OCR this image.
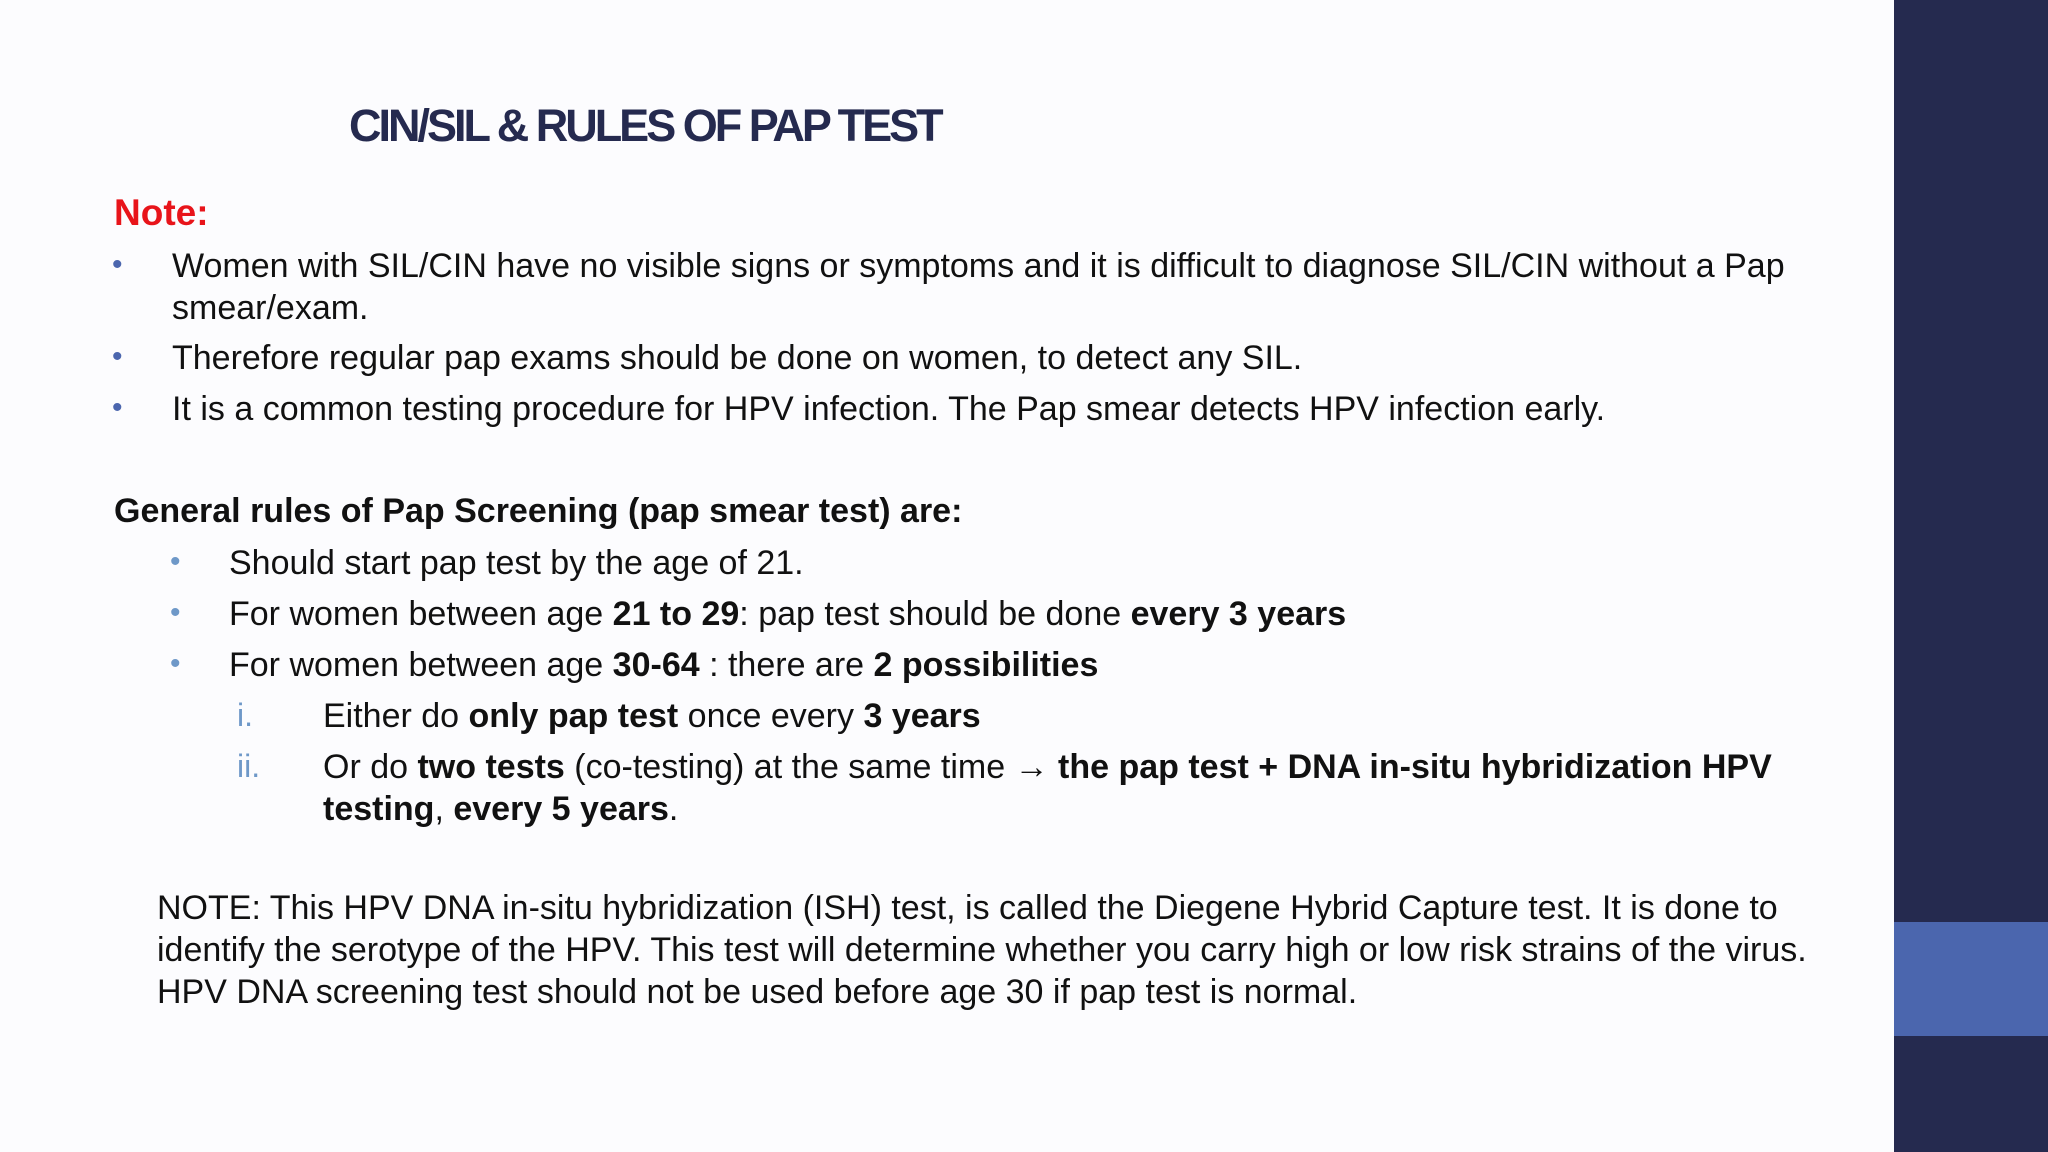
CIN/SIL & RULES OF PAP TEST
Note:
• Women with SIL/CIN have no visible signs or symptoms and it is difficult to diagnose SIL/CIN without a Pap smear/exam.
• Therefore regular pap exams should be done on women, to detect any SIL.
• It is a common testing procedure for HPV infection. The Pap smear detects HPV infection early.
General rules of Pap Screening (pap smear test) are:
• Should start pap test by the age of 21.
• For women between age 21 to 29: pap test should be done every 3 years
• For women between age 30-64 : there are 2 possibilities
i. Either do only pap test once every 3 years
ii. Or do two tests (co-testing) at the same time → the pap test + DNA in-situ hybridization HPV testing, every 5 years.
NOTE: This HPV DNA in-situ hybridization (ISH) test, is called the Diegene Hybrid Capture test. It is done to identify the serotype of the HPV. This test will determine whether you carry high or low risk strains of the virus. HPV DNA screening test should not be used before age 30 if pap test is normal.
